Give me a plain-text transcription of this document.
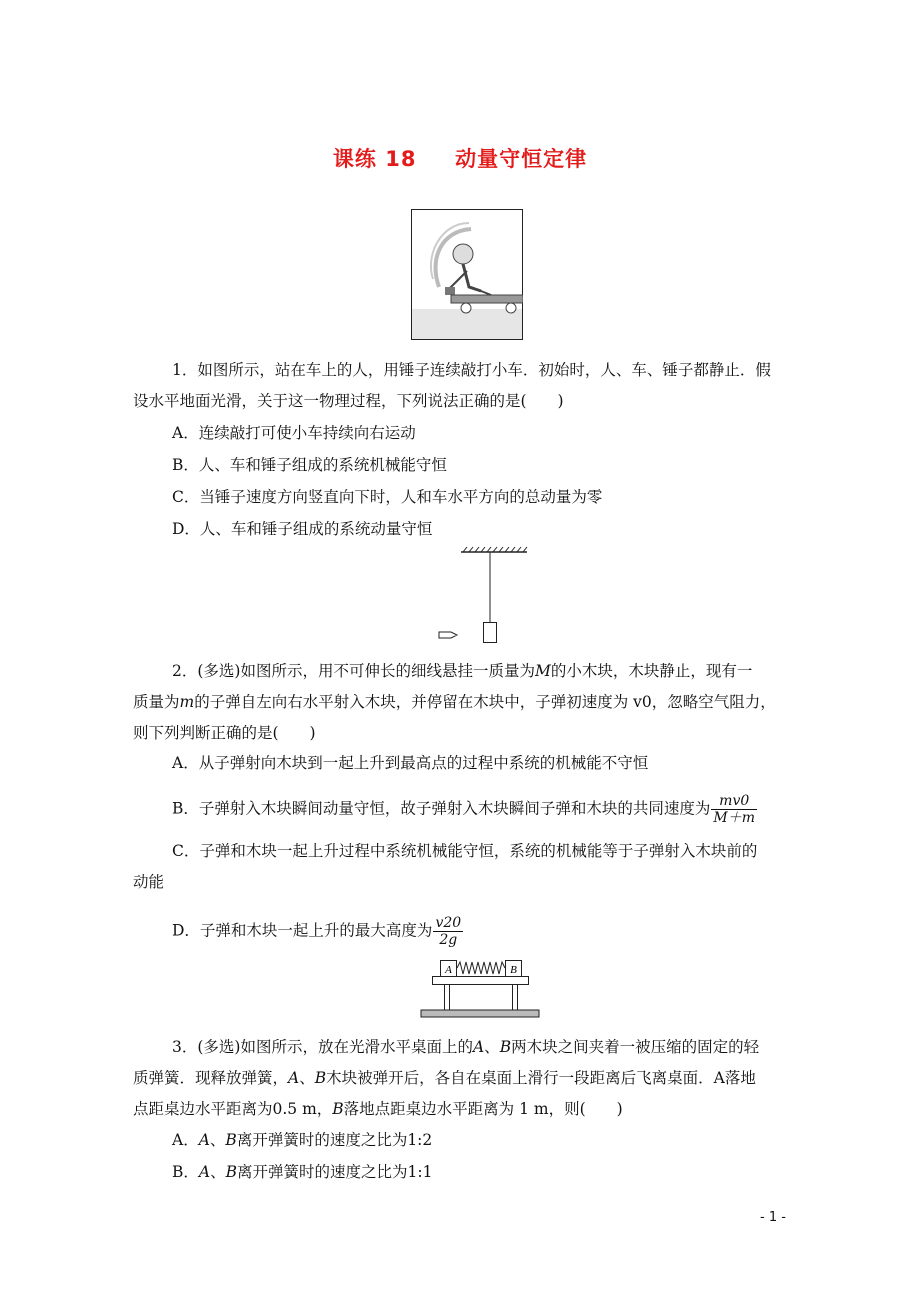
课练 18 动量守恒定律
1．如图所示，站在车上的人，用锤子连续敲打小车．初始时，人、车、锤子都静止．假
设水平地面光滑，关于这一物理过程，下列说法正确的是(　　)
A．连续敲打可使小车持续向右运动
B．人、车和锤子组成的系统机械能守恒
C．当锤子速度方向竖直向下时，人和车水平方向的总动量为零
D．人、车和锤子组成的系统动量守恒
2．(多选)如图所示，用不可伸长的细线悬挂一质量为M的小木块，木块静止，现有一
质量为m的子弹自左向右水平射入木块，并停留在木块中，子弹初速度为 v0，忽略空气阻力，
则下列判断正确的是(　　)
A．从子弹射向木块到一起上升到最高点的过程中系统的机械能不守恒
B．子弹射入木块瞬间动量守恒，故子弹射入木块瞬间子弹和木块的共同速度为 $\frac{mv0}{M+m}$
C．子弹和木块一起上升过程中系统机械能守恒，系统的机械能等于子弹射入木块前的
动能
D．子弹和木块一起上升的最大高度为 $\frac{v20}{2g}$
A	B
3．(多选)如图所示，放在光滑水平桌面上的A、B两木块之间夹着一被压缩的固定的轻
质弹簧．现释放弹簧，A、B木块被弹开后，各自在桌面上滑行一段距离后飞离桌面．A落地
点距桌边水平距离为0.5 m，B落地点距桌边水平距离为 1 m，则(　　)
A．A、B离开弹簧时的速度之比为1:2
B．A、B离开弹簧时的速度之比为1:1
- 1 -
